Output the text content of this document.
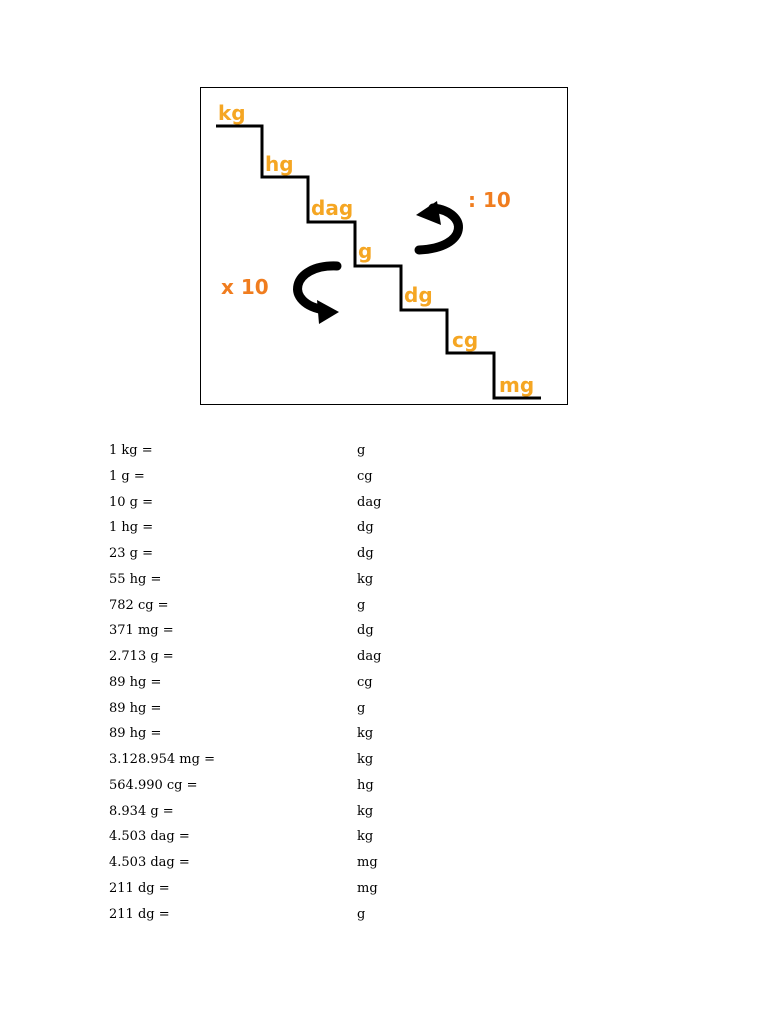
kg
hg
dag
g
dg
cg
mg
: 10
x 10
1 kg =	g
1 g =	cg
10 g =	dag
1 hg =	dg
23 g =	dg
55 hg =	kg
782 cg =	g
371 mg =	dg
2.713 g =	dag
89 hg =	cg
89 hg =	g
89 hg =	kg
3.128.954 mg =	kg
564.990 cg =	hg
8.934 g =	kg
4.503 dag =	kg
4.503 dag =	mg
211 dg =	mg
211 dg =	g
